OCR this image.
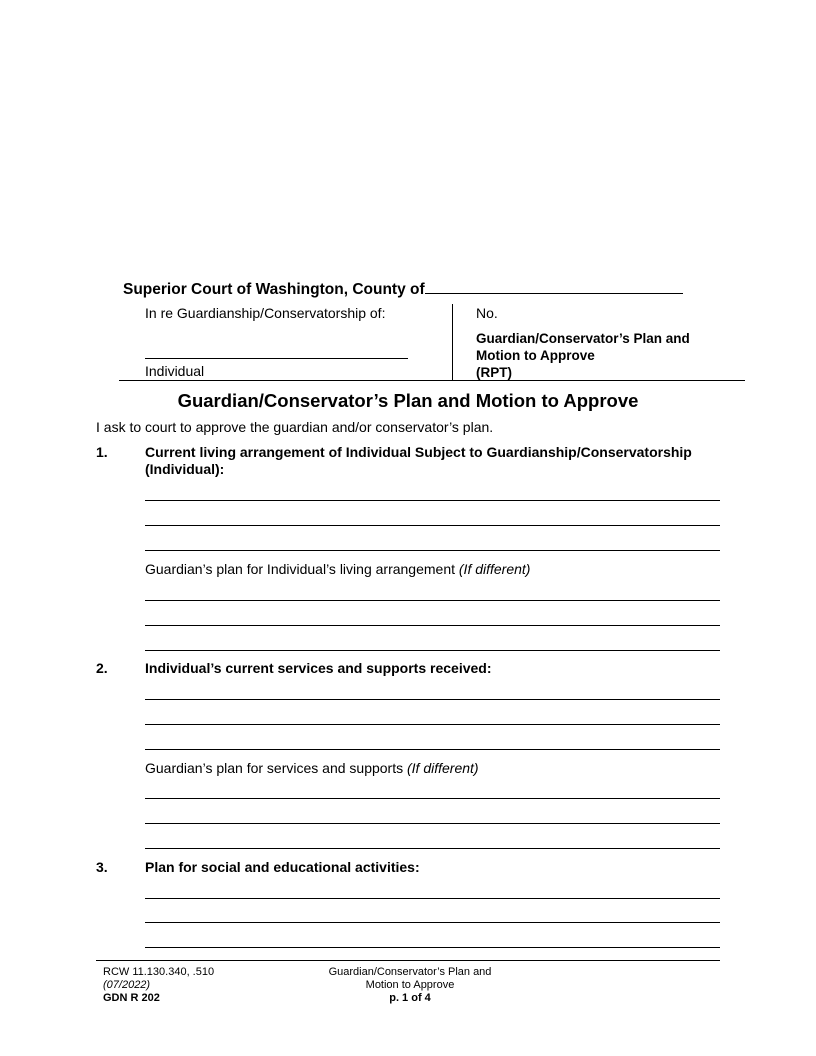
Superior Court of Washington, County of
In re Guardianship/Conservatorship of:
Individual
No.
Guardian/Conservator’s Plan and
Motion to Approve
(RPT)
Guardian/Conservator’s Plan and Motion to Approve
I ask to court to approve the guardian and/or conservator’s plan.
1.	Current living arrangement of Individual Subject to Guardianship/Conservatorship
(Individual):
Guardian’s plan for Individual’s living arrangement (If different)
2.	Individual’s current services and supports received:
Guardian’s plan for services and supports (If different)
3.	Plan for social and educational activities:
RCW 11.130.340, .510
(07/2022)
GDN R 202
Guardian/Conservator’s Plan and
Motion to Approve
p. 1 of 4
